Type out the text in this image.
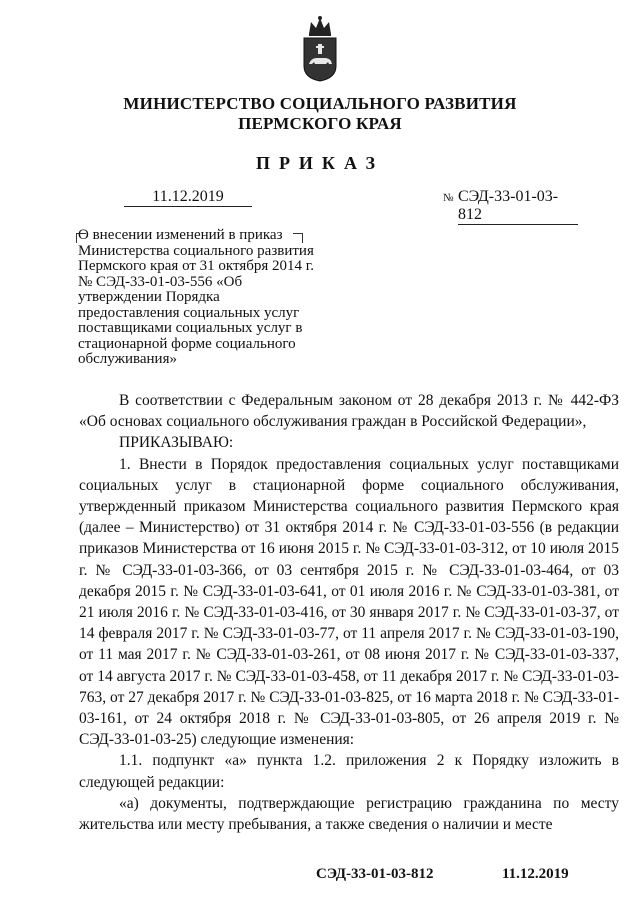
МИНИСТЕРСТВО СОЦИАЛЬНОГО РАЗВИТИЯ
ПЕРМСКОГО КРАЯ
ПРИКАЗ
11.12.2019	№ СЭД-33-01-03-812
О внесении изменений в приказ Министерства социального развития Пермского края от 31 октября 2014 г. № СЭД-33-01-03-556 «Об утверждении Порядка предоставления социальных услуг поставщиками социальных услуг в стационарной форме социального обслуживания»

В соответствии с Федеральным законом от 28 декабря 2013 г. № 442-ФЗ «Об основах социального обслуживания граждан в Российской Федерации»,

ПРИКАЗЫВАЮ:

1. Внести в Порядок предоставления социальных услуг поставщиками социальных услуг в стационарной форме социального обслуживания, утвержденный приказом Министерства социального развития Пермского края (далее – Министерство) от 31 октября 2014 г. № СЭД-33-01-03-556 (в редакции приказов Министерства от 16 июня 2015 г. № СЭД-33-01-03-312, от 10 июля 2015 г. № СЭД-33-01-03-366, от 03 сентября 2015 г. № СЭД-33-01-03-464, от 03 декабря 2015 г. № СЭД-33-01-03-641, от 01 июля 2016 г. № СЭД-33-01-03-381, от 21 июля 2016 г. № СЭД-33-01-03-416, от 30 января 2017 г. № СЭД-33-01-03-37, от 14 февраля 2017 г. № СЭД-33-01-03-77, от 11 апреля 2017 г. № СЭД-33-01-03-190, от 11 мая 2017 г. № СЭД-33-01-03-261, от 08 июня 2017 г. № СЭД-33-01-03-337, от 14 августа 2017 г. № СЭД-33-01-03-458, от 11 декабря 2017 г. № СЭД-33-01-03-763, от 27 декабря 2017 г. № СЭД-33-01-03-825, от 16 марта 2018 г. № СЭД-33-01-03-161, от 24 октября 2018 г. № СЭД-33-01-03-805, от 26 апреля 2019 г. № СЭД-33-01-03-25) следующие изменения:

1.1. подпункт «а» пункта 1.2. приложения 2 к Порядку изложить в следующей редакции:

«а) документы, подтверждающие регистрацию гражданина по месту жительства или месту пребывания, а также сведения о наличии и месте

СЭД-33-01-03-812	11.12.2019
